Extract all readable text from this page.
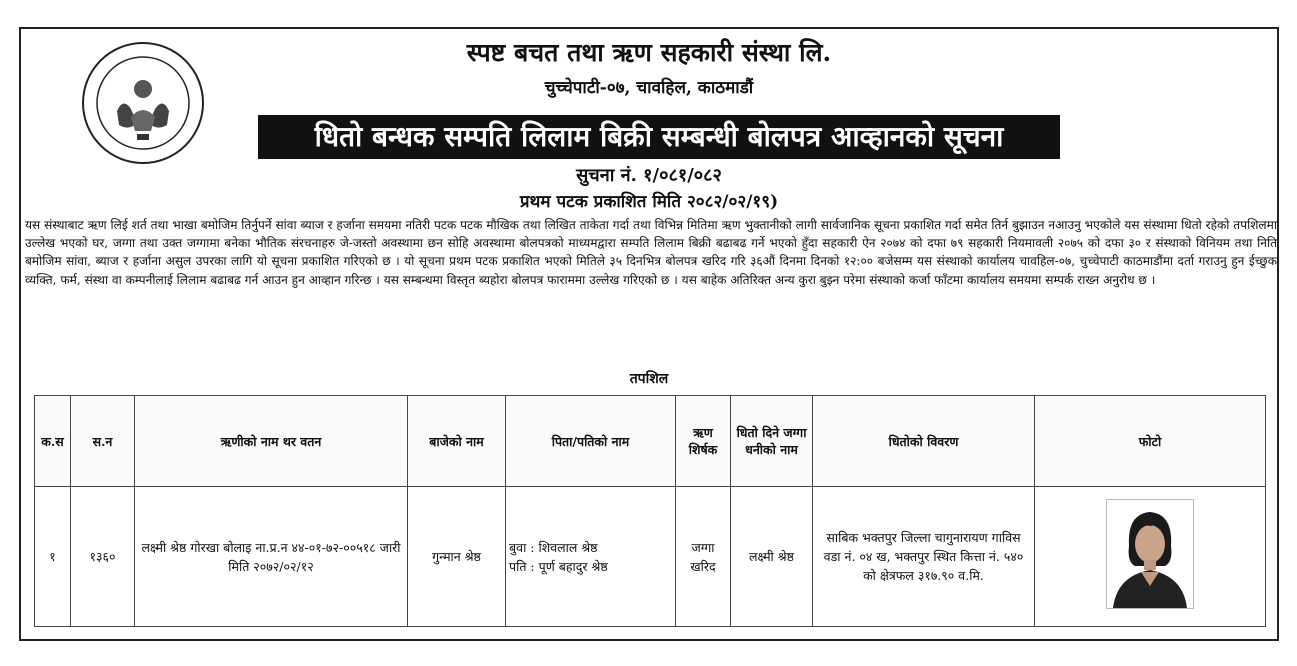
स्पष्ट बचत तथा ऋण सहकारी संस्था लि.
चुच्चेपाटी-०७, चावहिल, काठमाडौं
धितो बन्धक सम्पति लिलाम बिक्री सम्बन्धी बोलपत्र आव्हानको सूचना
सुचना नं. १/०८१/०८२
प्रथम पटक प्रकाशित मिति २०८२/०२/१९)
यस संस्थाबाट ऋण लिई शर्त तथा भाखा बमोजिम तिर्नुपर्ने सांवा ब्याज र हर्जाना समयमा नतिरी पटक पटक मौखिक तथा लिखित ताकेता गर्दा तथा विभिन्न मितिमा ऋण भुक्तानीको लागी सार्वजानिक सूचना प्रकाशित गर्दा समेत तिर्न बुझाउन नआउनु भएकोले यस संस्थामा धितो रहेको तपशिलमा उल्लेख भएको घर, जग्गा तथा उक्त जग्गामा बनेका भौतिक संरचनाहरु जे-जस्तो अवस्थामा छन सोहि अवस्थामा बोलपत्रको माध्यमद्वारा सम्पति लिलाम बिक्री बढाबढ गर्ने भएको हुँदा सहकारी ऐन २०७४ को दफा ७९ सहकारी नियमावली २०७५ को दफा ३० र संस्थाको विनियम तथा निति बमोजिम सांवा, ब्याज र हर्जाना असुल उपरका लागि यो सूचना प्रकाशित गरिएको छ । यो सूचना प्रथम पटक प्रकाशित भएको मितिले ३५ दिनभित्र बोलपत्र खरिद गरि ३६औं दिनमा दिनको १२:०० बजेसम्म यस संस्थाको कार्यालय चावहिल-०७, चुच्चेपाटी काठमाडौंमा दर्ता गराउनु हुन ईच्छुक व्यक्ति, फर्म, संस्था वा कम्पनीलाई लिलाम बढाबढ गर्न आउन हुन आव्हान गरिन्छ । यस सम्बन्धमा विस्तृत ब्यहोरा बोलपत्र फाराममा उल्लेख गरिएको छ । यस बाहेक अतिरिक्त अन्य कुरा बुझ्न परेमा संस्थाको कर्जा फाँटमा कार्यालय समयमा सम्पर्क राख्न अनुरोध छ ।
तपशिल
क.स	स.न	ऋणीको नाम थर वतन	बाजेको नाम	पिता/पतिको नाम	ऋण शिर्षक	धितो दिने जग्गा धनीको नाम	धितोको विवरण	फोटो
१	१३६०	लक्ष्मी श्रेष्ठ गोरखा बोलाइ ना.प्र.न ४४-०१-७२-००५१८ जारी मिति २०७२/०२/१२	गुन्मान श्रेष्ठ	बुवा : शिवलाल श्रेष्ठ
पति : पूर्ण बहादुर श्रेष्ठ	जग्गा खरिद	लक्ष्मी श्रेष्ठ	साबिक भक्तपुर जिल्ला चागुनारायण गाविस वडा नं. ०४ ख, भक्तपुर स्थित कित्ता नं. ५४० को क्षेत्रफल ३१७.९० व.मि.	
